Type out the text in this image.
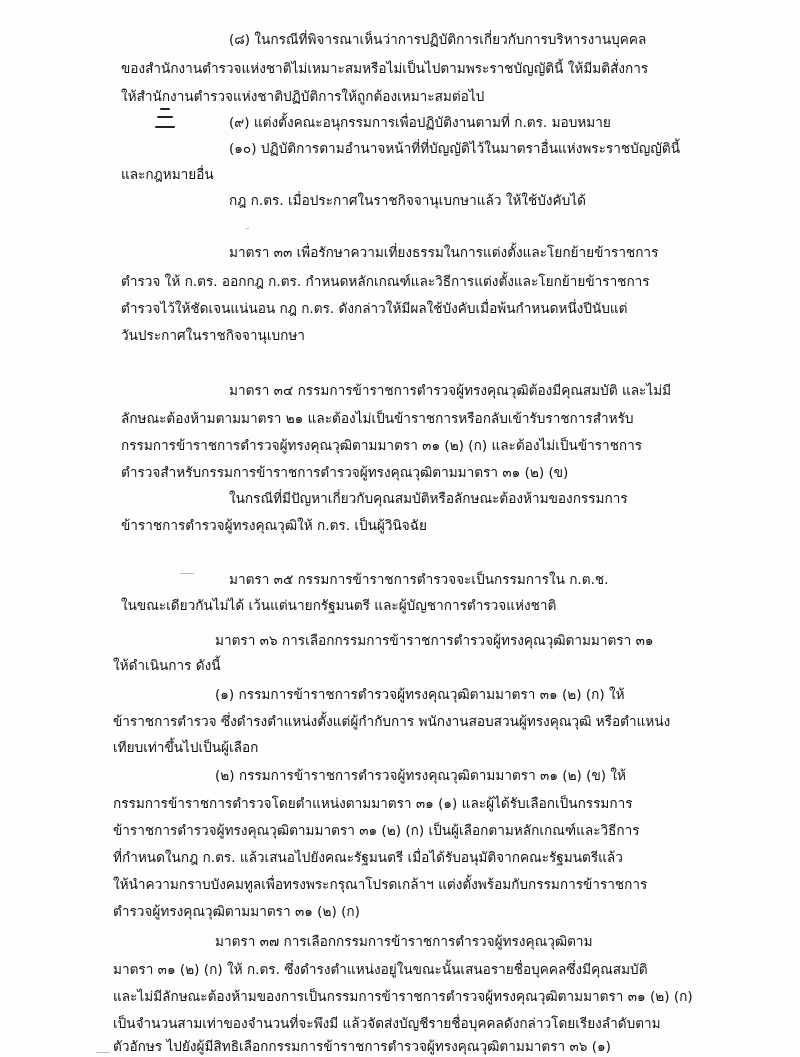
(๘) ในกรณีที่พิจารณาเห็นว่าการปฏิบัติการเกี่ยวกับการบริหารงานบุคคล
ของสำนักงานตำรวจแห่งชาติไม่เหมาะสมหรือไม่เป็นไปตามพระราชบัญญัตินี้ ให้มีมติสั่งการ
ให้สำนักงานตำรวจแห่งชาติปฏิบัติการให้ถูกต้องเหมาะสมต่อไป
(๙) แต่งตั้งคณะอนุกรรมการเพื่อปฏิบัติงานตามที่ ก.ตร. มอบหมาย
(๑๐) ปฏิบัติการตามอำนาจหน้าที่ที่บัญญัติไว้ในมาตราอื่นแห่งพระราชบัญญัตินี้
และกฎหมายอื่น
กฎ ก.ตร. เมื่อประกาศในราชกิจจานุเบกษาแล้ว ให้ใช้บังคับได้
มาตรา ๓๓ เพื่อรักษาความเที่ยงธรรมในการแต่งตั้งและโยกย้ายข้าราชการ
ตำรวจ ให้ ก.ตร. ออกกฎ ก.ตร. กำหนดหลักเกณฑ์และวิธีการแต่งตั้งและโยกย้ายข้าราชการ
ตำรวจไว้ให้ชัดเจนแน่นอน กฎ ก.ตร. ดังกล่าวให้มีผลใช้บังคับเมื่อพ้นกำหนดหนึ่งปีนับแต่
วันประกาศในราชกิจจานุเบกษา
มาตรา ๓๔ กรรมการข้าราชการตำรวจผู้ทรงคุณวุฒิต้องมีคุณสมบัติ และไม่มี
ลักษณะต้องห้ามตามมาตรา ๒๑ และต้องไม่เป็นข้าราชการหรือกลับเข้ารับราชการสำหรับ
กรรมการข้าราชการตำรวจผู้ทรงคุณวุฒิตามมาตรา ๓๑ (๒) (ก) และต้องไม่เป็นข้าราชการ
ตำรวจสำหรับกรรมการข้าราชการตำรวจผู้ทรงคุณวุฒิตามมาตรา ๓๑ (๒) (ข)
ในกรณีที่มีปัญหาเกี่ยวกับคุณสมบัติหรือลักษณะต้องห้ามของกรรมการ
ข้าราชการตำรวจผู้ทรงคุณวุฒิให้ ก.ตร. เป็นผู้วินิจฉัย
มาตรา ๓๕ กรรมการข้าราชการตำรวจจะเป็นกรรมการใน ก.ต.ช.
ในขณะเดียวกันไม่ได้ เว้นแต่นายกรัฐมนตรี และผู้บัญชาการตำรวจแห่งชาติ
มาตรา ๓๖ การเลือกกรรมการข้าราชการตำรวจผู้ทรงคุณวุฒิตามมาตรา ๓๑
ให้ดำเนินการ ดังนี้
(๑) กรรมการข้าราชการตำรวจผู้ทรงคุณวุฒิตามมาตรา ๓๑ (๒) (ก) ให้
ข้าราชการตำรวจ ซึ่งดำรงตำแหน่งตั้งแต่ผู้กำกับการ พนักงานสอบสวนผู้ทรงคุณวุฒิ หรือตำแหน่ง
เทียบเท่าขึ้นไปเป็นผู้เลือก
(๒) กรรมการข้าราชการตำรวจผู้ทรงคุณวุฒิตามมาตรา ๓๑ (๒) (ข) ให้
กรรมการข้าราชการตำรวจโดยตำแหน่งตามมาตรา ๓๑ (๑) และผู้ได้รับเลือกเป็นกรรมการ
ข้าราชการตำรวจผู้ทรงคุณวุฒิตามมาตรา ๓๑ (๒) (ก) เป็นผู้เลือกตามหลักเกณฑ์และวิธีการ
ที่กำหนดในกฎ ก.ตร. แล้วเสนอไปยังคณะรัฐมนตรี เมื่อได้รับอนุมัติจากคณะรัฐมนตรีแล้ว
ให้นำความกราบบังคมทูลเพื่อทรงพระกรุณาโปรดเกล้าฯ แต่งตั้งพร้อมกับกรรมการข้าราชการ
ตำรวจผู้ทรงคุณวุฒิตามมาตรา ๓๑ (๒) (ก)
มาตรา ๓๗ การเลือกกรรมการข้าราชการตำรวจผู้ทรงคุณวุฒิตาม
มาตรา ๓๑ (๒) (ก) ให้ ก.ตร. ซึ่งดำรงตำแหน่งอยู่ในขณะนั้นเสนอรายชื่อบุคคลซึ่งมีคุณสมบัติ
และไม่มีลักษณะต้องห้ามของการเป็นกรรมการข้าราชการตำรวจผู้ทรงคุณวุฒิตามมาตรา ๓๑ (๒) (ก)
เป็นจำนวนสามเท่าของจำนวนที่จะพึงมี แล้วจัดส่งบัญชีรายชื่อบุคคลดังกล่าวโดยเรียงลำดับตาม
ตัวอักษร ไปยังผู้มีสิทธิเลือกกรรมการข้าราชการตำรวจผู้ทรงคุณวุฒิตามมาตรา ๓๖ (๑)
